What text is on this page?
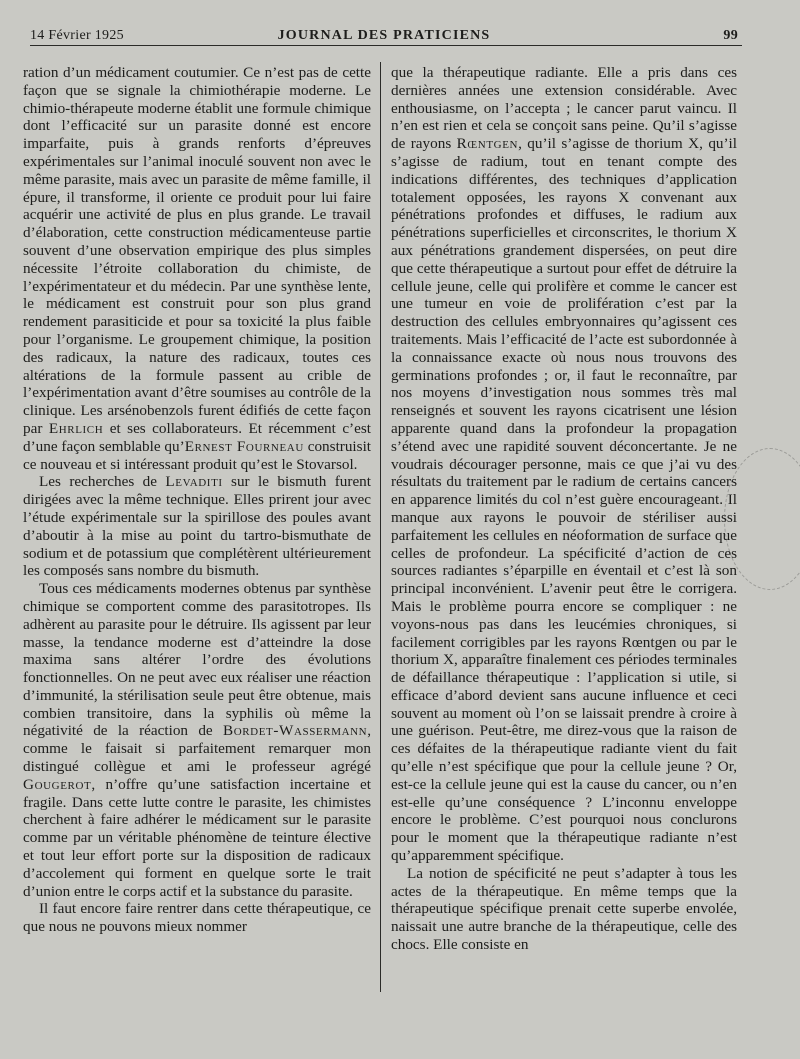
14 Février 1925	JOURNAL DES PRATICIENS	99

ration d’un médicament coutumier. Ce n’est pas de cette façon que se signale la chimiothérapie moderne. Le chimio-thérapeute moderne établit une formule chimique dont l’efficacité sur un parasite donné est encore imparfaite, puis à grands renforts d’épreuves expérimentales sur l’animal inoculé souvent non avec le même parasite, mais avec un parasite de même famille, il épure, il transforme, il oriente ce produit pour lui faire acquérir une activité de plus en plus grande. Le travail d’élaboration, cette construction médicamenteuse partie souvent d’une observation empirique des plus simples nécessite l’étroite collaboration du chimiste, de l’expérimentateur et du médecin. Par une synthèse lente, le médicament est construit pour son plus grand rendement parasiticide et pour sa toxicité la plus faible pour l’organisme. Le groupement chimique, la position des radicaux, la nature des radicaux, toutes ces altérations de la formule passent au crible de l’expérimentation avant d’être soumises au contrôle de la clinique. Les arsénobenzols furent édifiés de cette façon par Ehrlich et ses collaborateurs. Et récemment c’est d’une façon semblable qu’Ernest Fourneau construisit ce nouveau et si intéressant produit qu’est le Stovarsol.

Les recherches de Levaditi sur le bismuth furent dirigées avec la même technique. Elles prirent jour avec l’étude expérimentale sur la spirillose des poules avant d’aboutir à la mise au point du tartro-bismuthate de sodium et de potassium que complétèrent ultérieurement les composés sans nombre du bismuth.

Tous ces médicaments modernes obtenus par synthèse chimique se comportent comme des parasitotropes. Ils adhèrent au parasite pour le détruire. Ils agissent par leur masse, la tendance moderne est d’atteindre la dose maxima sans altérer l’ordre des évolutions fonctionnelles. On ne peut avec eux réaliser une réaction d’immunité, la stérilisation seule peut être obtenue, mais combien transitoire, dans la syphilis où même la négativité de la réaction de Bordet-Wassermann, comme le faisait si parfaitement remarquer mon distingué collègue et ami le professeur agrégé Gougerot, n’offre qu’une satisfaction incertaine et fragile. Dans cette lutte contre le parasite, les chimistes cherchent à faire adhérer le médicament sur le parasite comme par un véritable phénomène de teinture élective et tout leur effort porte sur la disposition de radicaux d’accolement qui forment en quelque sorte le trait d’union entre le corps actif et la substance du parasite.

Il faut encore faire rentrer dans cette thérapeutique, ce que nous ne pouvons mieux nommer

que la thérapeutique radiante. Elle a pris dans ces dernières années une extension considérable. Avec enthousiasme, on l’accepta ; le cancer parut vaincu. Il n’en est rien et cela se conçoit sans peine. Qu’il s’agisse de rayons Rœntgen, qu’il s’agisse de thorium X, qu’il s’agisse de radium, tout en tenant compte des indications différentes, des techniques d’application totalement opposées, les rayons X convenant aux pénétrations profondes et diffuses, le radium aux pénétrations superficielles et circonscrites, le thorium X aux pénétrations grandement dispersées, on peut dire que cette thérapeutique a surtout pour effet de détruire la cellule jeune, celle qui prolifère et comme le cancer est une tumeur en voie de prolifération c’est par la destruction des cellules embryonnaires qu’agissent ces traitements. Mais l’efficacité de l’acte est subordonnée à la connaissance exacte où nous nous trouvons des germinations profondes ; or, il faut le reconnaître, par nos moyens d’investigation nous sommes très mal renseignés et souvent les rayons cicatrisent une lésion apparente quand dans la profondeur la propagation s’étend avec une rapidité souvent déconcertante. Je ne voudrais décourager personne, mais ce que j’ai vu des résultats du traitement par le radium de certains cancers en apparence limités du col n’est guère encourageant. Il manque aux rayons le pouvoir de stériliser aussi parfaitement les cellules en néoformation de surface que celles de profondeur. La spécificité d’action de ces sources radiantes s’éparpille en éventail et c’est là son principal inconvénient. L’avenir peut être le corrigera. Mais le problème pourra encore se compliquer : ne voyons-nous pas dans les leucémies chroniques, si facilement corrigibles par les rayons Rœntgen ou par le thorium X, apparaître finalement ces périodes terminales de défaillance thérapeutique : l’application si utile, si efficace d’abord devient sans aucune influence et ceci souvent au moment où l’on se laissait prendre à croire à une guérison. Peut-être, me direz-vous que la raison de ces défaites de la thérapeutique radiante vient du fait qu’elle n’est spécifique que pour la cellule jeune ? Or, est-ce la cellule jeune qui est la cause du cancer, ou n’en est-elle qu’une conséquence ? L’inconnu enveloppe encore le problème. C’est pourquoi nous conclurons pour le moment que la thérapeutique radiante n’est qu’apparemment spécifique.

La notion de spécificité ne peut s’adapter à tous les actes de la thérapeutique. En même temps que la thérapeutique spécifique prenait cette superbe envolée, naissait une autre branche de la thérapeutique, celle des chocs. Elle consiste en
